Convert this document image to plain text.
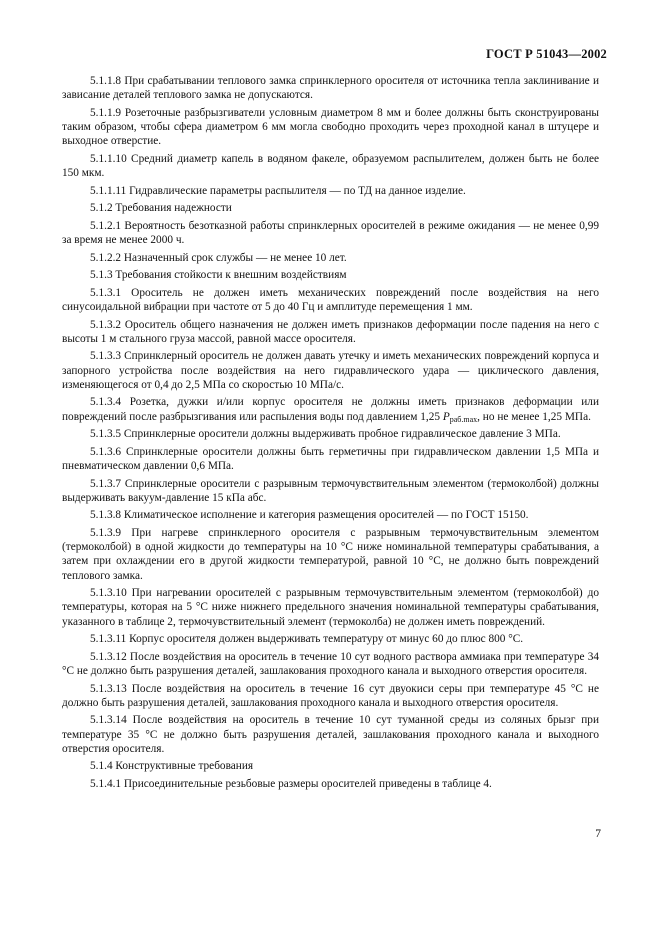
ГОСТ Р 51043—2002

5.1.1.8 При срабатывании теплового замка спринклерного оросителя от источника тепла заклинивание и зависание деталей теплового замка не допускаются.

5.1.1.9 Розеточные разбрызгиватели условным диаметром 8 мм и более должны быть сконструированы таким образом, чтобы сфера диаметром 6 мм могла свободно проходить через проходной канал в штуцере и выходное отверстие.

5.1.1.10 Средний диаметр капель в водяном факеле, образуемом распылителем, должен быть не более 150 мкм.

5.1.1.11 Гидравлические параметры распылителя — по ТД на данное изделие.

5.1.2 Требования надежности

5.1.2.1 Вероятность безотказной работы спринклерных оросителей в режиме ожидания — не менее 0,99 за время не менее 2000 ч.

5.1.2.2 Назначенный срок службы — не менее 10 лет.

5.1.3 Требования стойкости к внешним воздействиям

5.1.3.1 Ороситель не должен иметь механических повреждений после воздействия на него синусоидальной вибрации при частоте от 5 до 40 Гц и амплитуде перемещения 1 мм.

5.1.3.2 Ороситель общего назначения не должен иметь признаков деформации после падения на него с высоты 1 м стального груза массой, равной массе оросителя.

5.1.3.3 Спринклерный ороситель не должен давать утечку и иметь механических повреждений корпуса и запорного устройства после воздействия на него гидравлического удара — циклического давления, изменяющегося от 0,4 до 2,5 МПа со скоростью 10 МПа/с.

5.1.3.4 Розетка, дужки и/или корпус оросителя не должны иметь признаков деформации или повреждений после разбрызгивания или распыления воды под давлением 1,25 $P_{раб.max}$, но не менее 1,25 МПа.

5.1.3.5 Спринклерные оросители должны выдерживать пробное гидравлическое давление 3 МПа.

5.1.3.6 Спринклерные оросители должны быть герметичны при гидравлическом давлении 1,5 МПа и пневматическом давлении 0,6 МПа.

5.1.3.7 Спринклерные оросители с разрывным термочувствительным элементом (термоколбой) должны выдерживать вакуум-давление 15 кПа абс.

5.1.3.8 Климатическое исполнение и категория размещения оросителей — по ГОСТ 15150.

5.1.3.9 При нагреве спринклерного оросителя с разрывным термочувствительным элементом (термоколбой) в одной жидкости до температуры на 10 °С ниже номинальной температуры срабатывания, а затем при охлаждении его в другой жидкости температурой, равной 10 °С, не должно быть повреждений теплового замка.

5.1.3.10 При нагревании оросителей с разрывным термочувствительным элементом (термоколбой) до температуры, которая на 5 °С ниже нижнего предельного значения номинальной температуры срабатывания, указанного в таблице 2, термочувствительный элемент (термоколба) не должен иметь повреждений.

5.1.3.11 Корпус оросителя должен выдерживать температуру от минус 60 до плюс 800 °С.

5.1.3.12 После воздействия на ороситель в течение 10 сут водного раствора аммиака при температуре 34 °С не должно быть разрушения деталей, зашлакования проходного канала и выходного отверстия оросителя.

5.1.3.13 После воздействия на ороситель в течение 16 сут двуокиси серы при температуре 45 °С не должно быть разрушения деталей, зашлакования проходного канала и выходного отверстия оросителя.

5.1.3.14 После воздействия на ороситель в течение 10 сут туманной среды из соляных брызг при температуре 35 °С не должно быть разрушения деталей, зашлакования проходного канала и выходного отверстия оросителя.

5.1.4 Конструктивные требования

5.1.4.1 Присоединительные резьбовые размеры оросителей приведены в таблице 4.

7
